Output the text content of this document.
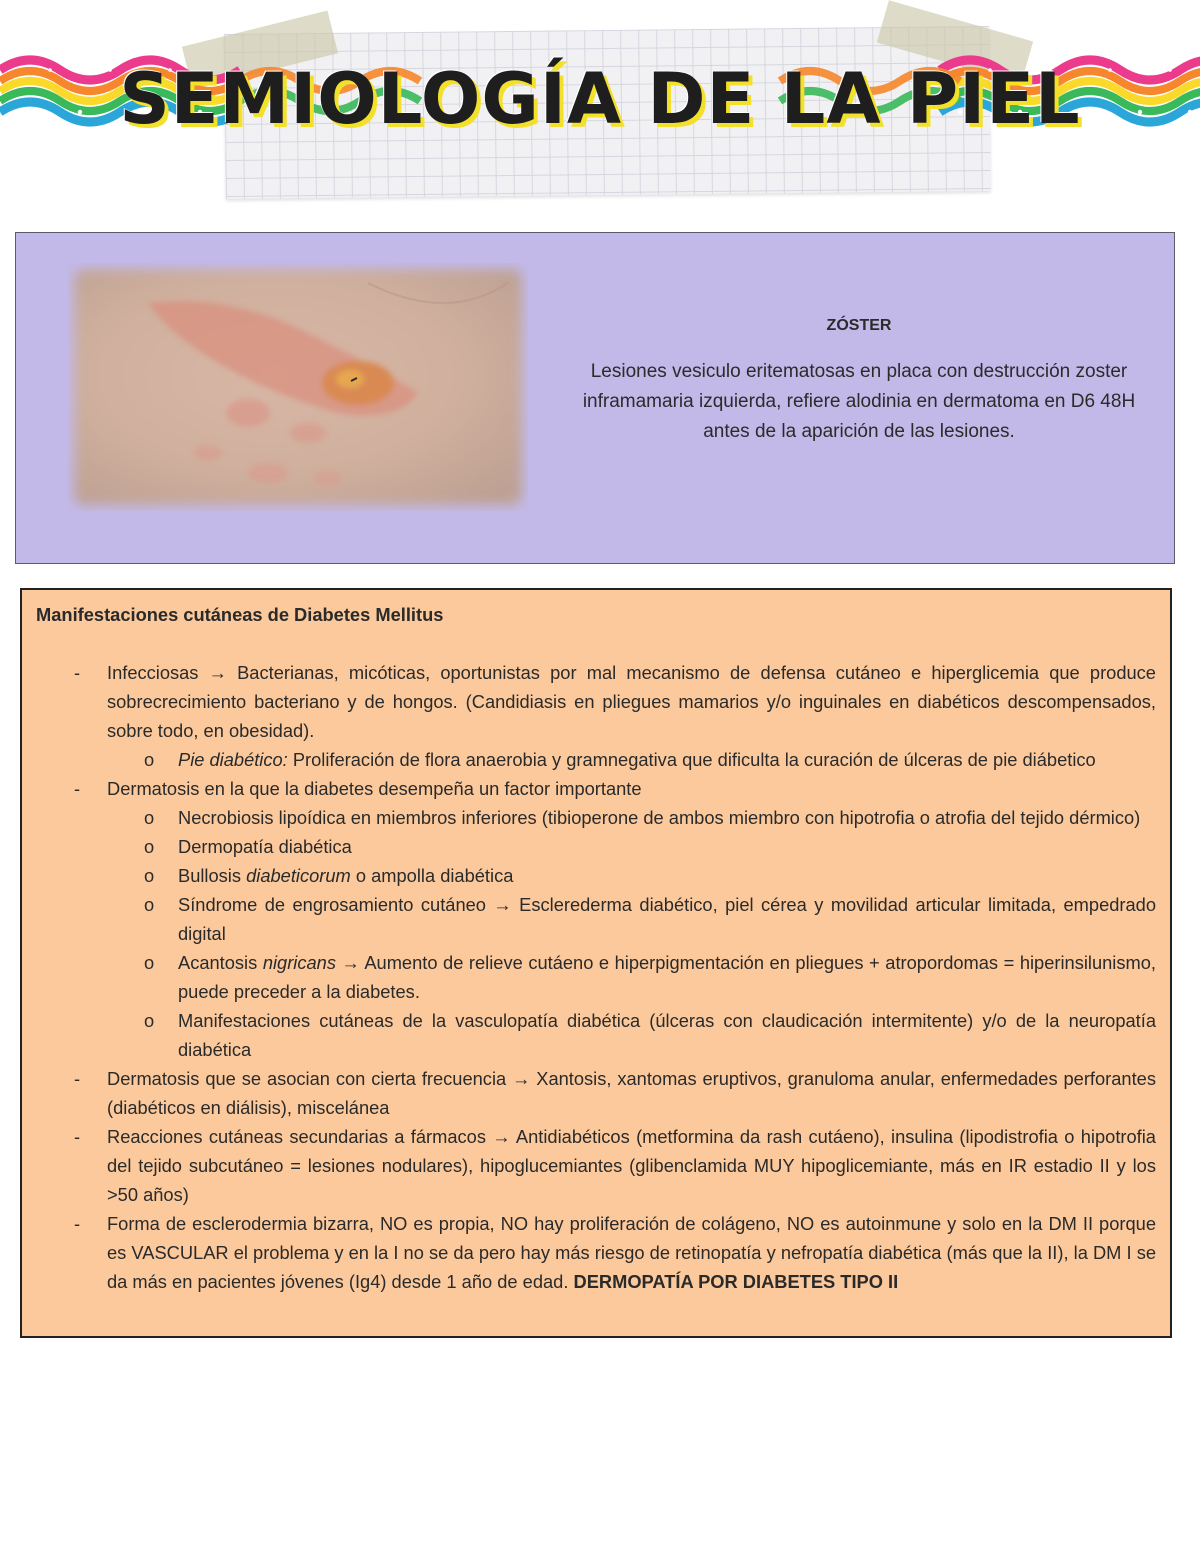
SEMIOLOGÍA DE LA PIEL
ZÓSTER

Lesiones vesiculo eritematosas en placa con destrucción zoster inframamaria izquierda, refiere alodinia en dermatoma en D6 48H antes de la aparición de las lesiones.

Manifestaciones cutáneas de Diabetes Mellitus

- Infecciosas → Bacterianas, micóticas, oportunistas por mal mecanismo de defensa cutáneo e hiperglicemia que produce sobrecrecimiento bacteriano y de hongos. (Candidiasis en pliegues mamarios y/o inguinales en diabéticos descompensados, sobre todo, en obesidad).

o Pie diabético: Proliferación de flora anaerobia y gramnegativa que dificulta la curación de úlceras de pie diábetico

- Dermatosis en la que la diabetes desempeña un factor importante

o Necrobiosis lipoídica en miembros inferiores (tibioperone de ambos miembro con hipotrofia o atrofia del tejido dérmico)

o Dermopatía diabética

o Bullosis diabeticorum o ampolla diabética

o Síndrome de engrosamiento cutáneo → Esclerederma diabético, piel cérea y movilidad articular limitada, empedrado digital

o Acantosis nigricans → Aumento de relieve cutáeno e hiperpigmentación en pliegues + atropordomas = hiperinsilunismo, puede preceder a la diabetes.

o Manifestaciones cutáneas de la vasculopatía diabética (úlceras con claudicación intermitente) y/o de la neuropatía diabética

- Dermatosis que se asocian con cierta frecuencia → Xantosis, xantomas eruptivos, granuloma anular, enfermedades perforantes (diabéticos en diálisis), miscelánea

- Reacciones cutáneas secundarias a fármacos → Antidiabéticos (metformina da rash cutáeno), insulina (lipodistrofia o hipotrofia del tejido subcutáneo = lesiones nodulares), hipoglucemiantes (glibenclamida MUY hipoglicemiante, más en IR estadio II y los >50 años)

- Forma de esclerodermia bizarra, NO es propia, NO hay proliferación de colágeno, NO es autoinmune y solo en la DM II porque es VASCULAR el problema y en la I no se da pero hay más riesgo de retinopatía y nefropatía diabética (más que la II), la DM I se da más en pacientes jóvenes (Ig4) desde 1 año de edad. DERMOPATÍA POR DIABETES TIPO II
